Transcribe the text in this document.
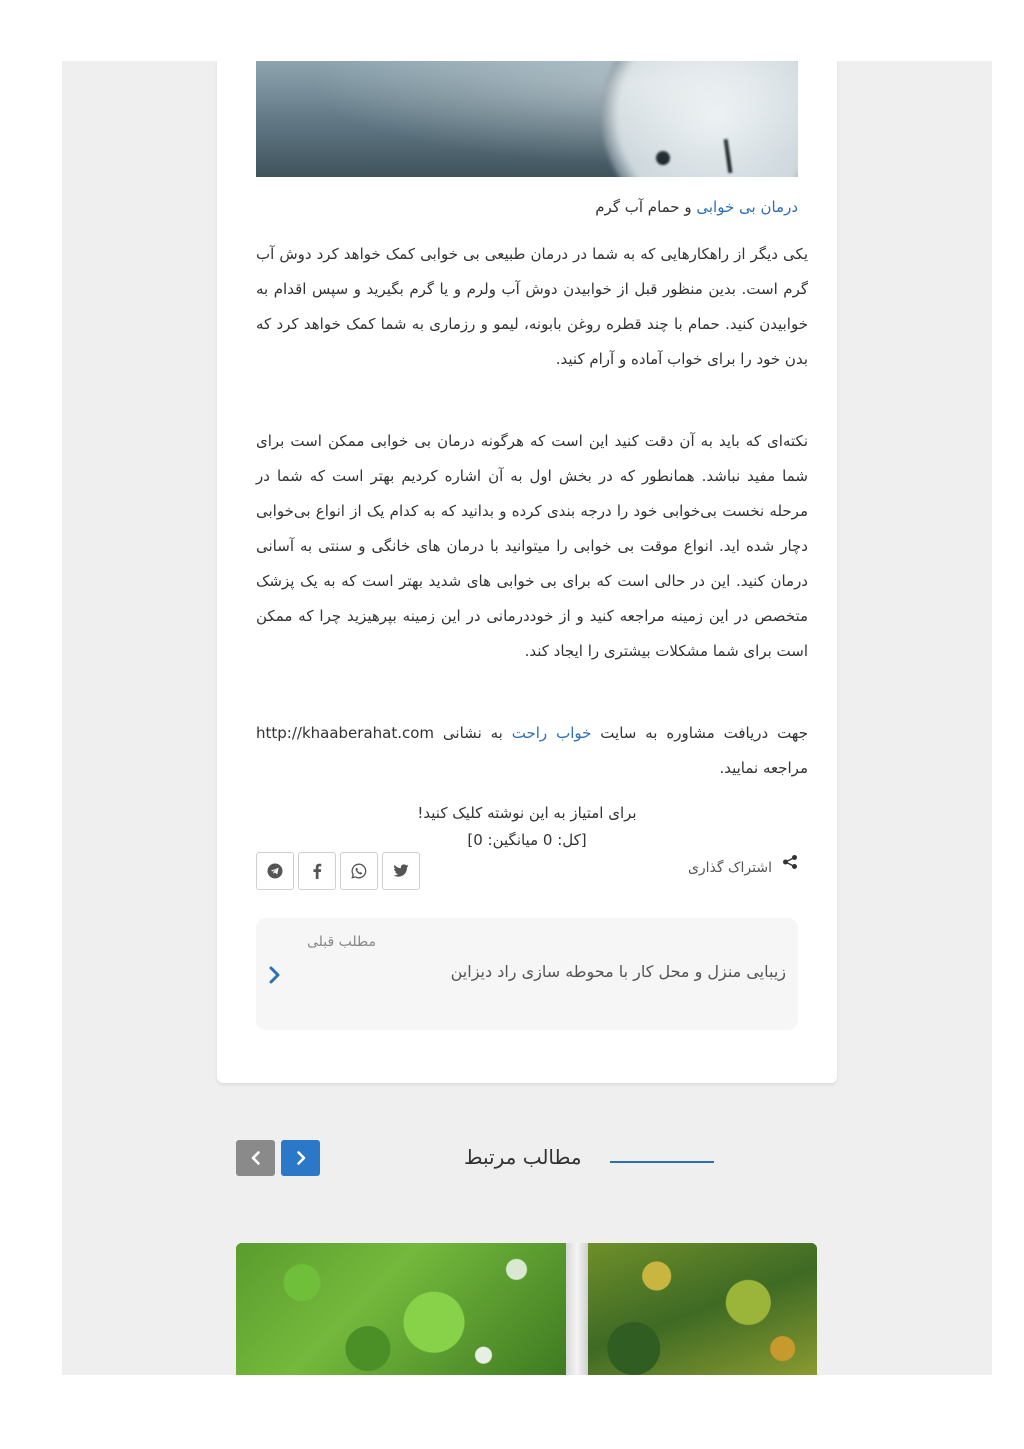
درمان بی خوابی و حمام آب گرم

یکی دیگر از راهکارهایی که به شما در درمان طبیعی بی خوابی کمک خواهد کرد دوش آب گرم است. بدین منظور قبل از خوابیدن دوش آب ولرم و یا گرم بگیرید و سپس اقدام به خوابیدن کنید. حمام با چند قطره روغن بابونه، لیمو و رزماری به شما کمک خواهد کرد که بدن خود را برای خواب آماده و آرام کنید.

نکته‌ای که باید به آن دقت کنید این است که هرگونه درمان بی خوابی ممکن است برای شما مفید نباشد. همانطور که در بخش اول به آن اشاره کردیم بهتر است که شما در مرحله نخست بی‌خوابی خود را درجه بندی کرده و بدانید که به کدام یک از انواع بی‌خوابی دچار شده اید. انواع موقت بی خوابی را میتوانید با درمان های خانگی و سنتی به آسانی درمان کنید. این در حالی است که برای بی خوابی های شدید بهتر است که به یک پزشک متخصص در این زمینه مراجعه کنید و از خوددرمانی در این زمینه بپرهیزید چرا که ممکن است برای شما مشکلات بیشتری را ایجاد کند.

جهت دریافت مشاوره به سایت خواب راحت به نشانی http://khaaberahat.com مراجعه نمایید.

برای امتیاز به این نوشته کلیک کنید!
[کل: 0 میانگین: 0]
اشتراک گذاری
مطلب قبلی
زیبایی منزل و محل کار با محوطه سازی راد دیزاین
مطالب مرتبط
